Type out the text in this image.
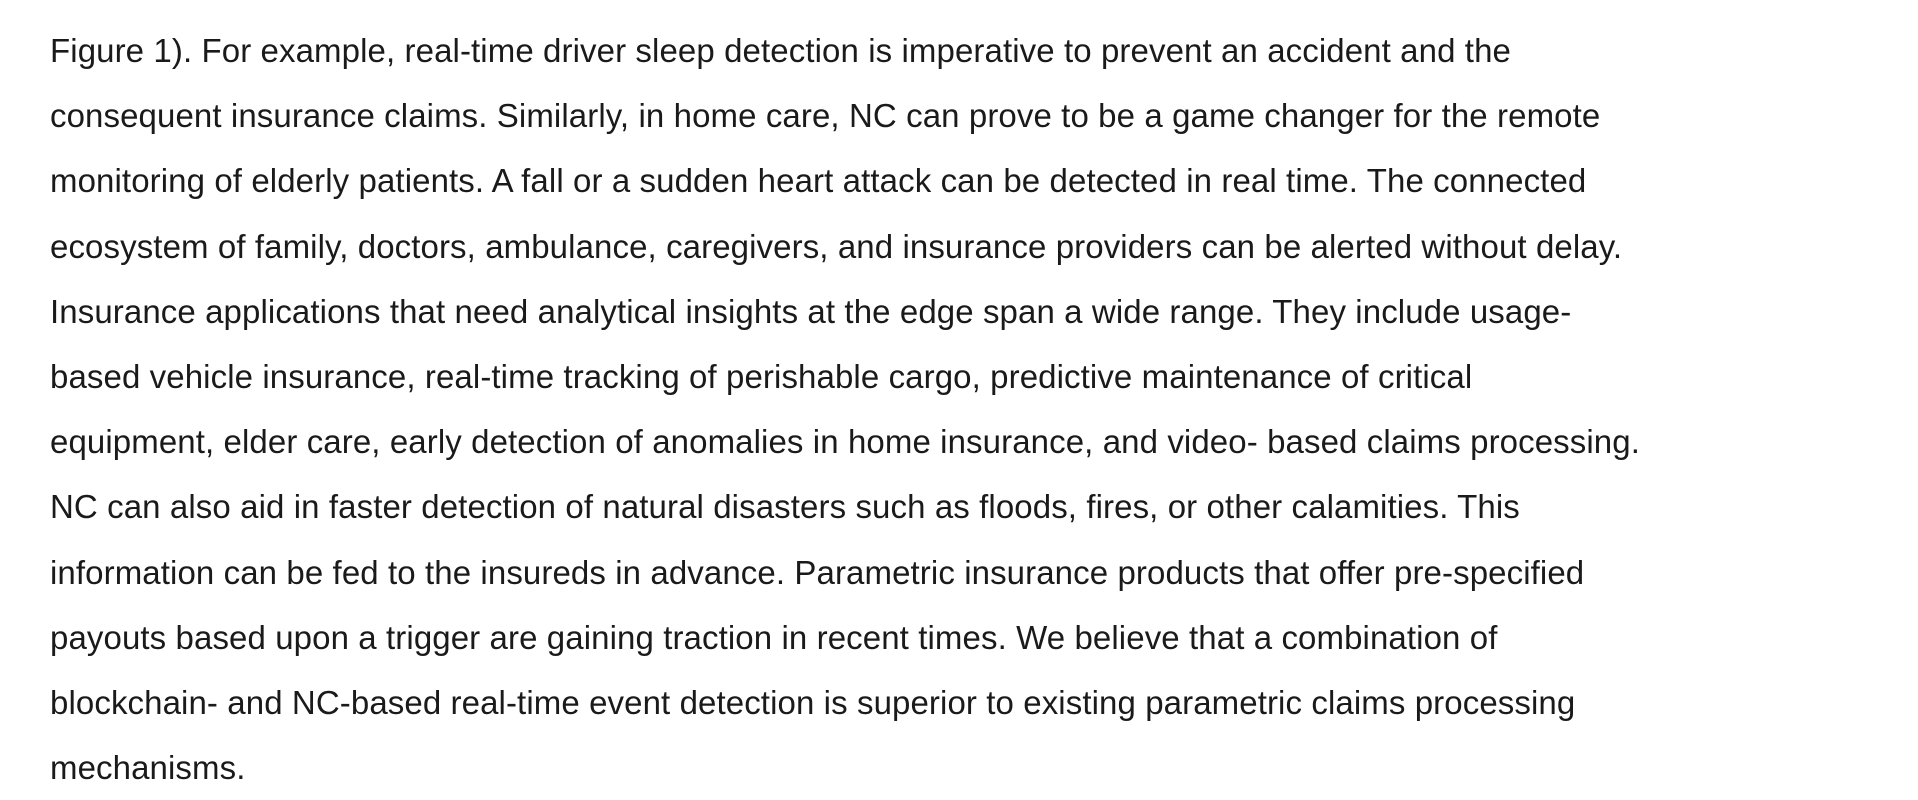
Figure 1). For example, real-time driver sleep detection is imperative to prevent an accident and the
consequent insurance claims. Similarly, in home care, NC can prove to be a game changer for the remote
monitoring of elderly patients. A fall or a sudden heart attack can be detected in real time. The connected
ecosystem of family, doctors, ambulance, caregivers, and insurance providers can be alerted without delay.
Insurance applications that need analytical insights at the edge span a wide range. They include usage-
based vehicle insurance, real-time tracking of perishable cargo, predictive maintenance of critical
equipment, elder care, early detection of anomalies in home insurance, and video- based claims processing.
NC can also aid in faster detection of natural disasters such as floods, fires, or other calamities. This
information can be fed to the insureds in advance. Parametric insurance products that offer pre-specified
payouts based upon a trigger are gaining traction in recent times. We believe that a combination of
blockchain- and NC-based real-time event detection is superior to existing parametric claims processing
mechanisms.
